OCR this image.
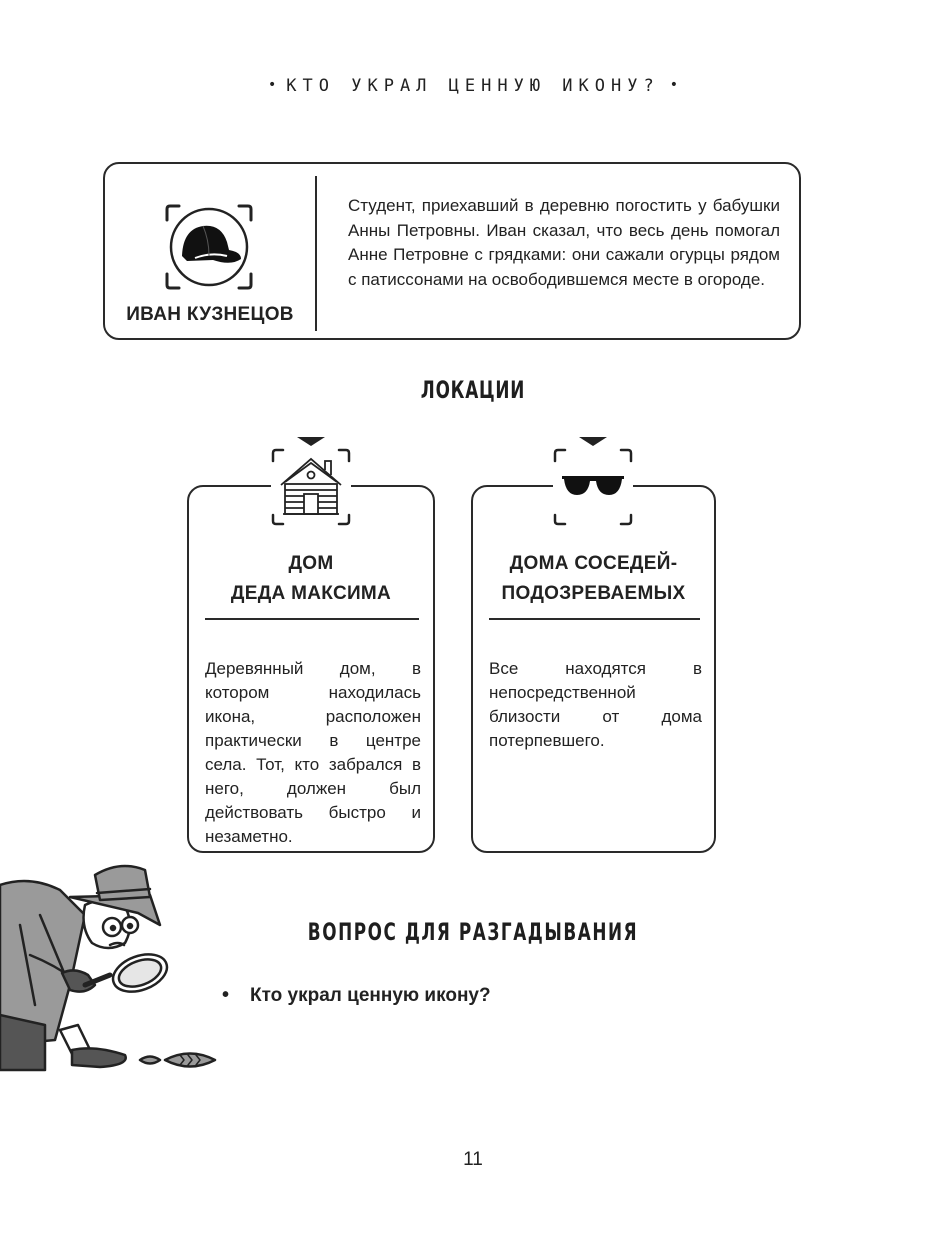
• КТО УКРАЛ ЦЕННУЮ ИКОНУ? •
ИВАН КУЗНЕЦОВ

Студент, приехавший в деревню погостить у бабушки Анны Петровны. Иван сказал, что весь день помогал Анне Петровне с грядками: они сажали огурцы рядом с патиссонами на освободившемся месте в огороде.

ЛОКАЦИИ
ДОМ
ДЕДА МАКСИМА

Деревянный дом, в котором находилась икона, расположен практически в центре села. Тот, кто забрался в него, должен был действовать быстро и незаметно.

ДОМА СОСЕДЕЙ-
ПОДОЗРЕВАЕМЫХ

Все находятся в непосредственной близости от дома потерпевшего.

ВОПРОС ДЛЯ РАЗГАДЫВАНИЯ
• Кто украл ценную икону?
11
